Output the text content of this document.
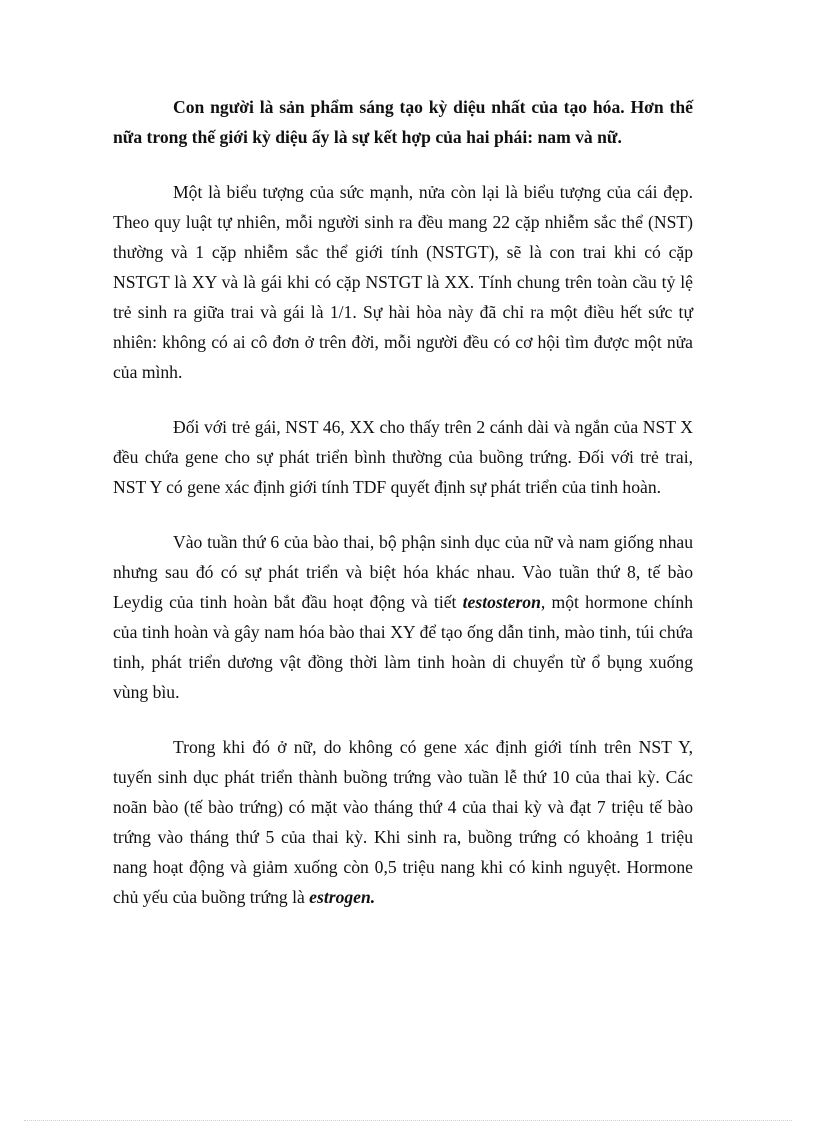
Con người là sản phẩm sáng tạo kỳ diệu nhất của tạo hóa. Hơn thế nữa trong thế giới kỳ diệu ấy là sự kết hợp của hai phái: nam và nữ.

Một là biểu tượng của sức mạnh, nửa còn lại là biểu tượng của cái đẹp. Theo quy luật tự nhiên, mỗi người sinh ra đều mang 22 cặp nhiễm sắc thể (NST) thường và 1 cặp nhiễm sắc thể giới tính (NSTGT), sẽ là con trai khi có cặp NSTGT là XY và là gái khi có cặp NSTGT là XX. Tính chung trên toàn cầu tỷ lệ trẻ sinh ra giữa trai và gái là 1/1. Sự hài hòa này đã chỉ ra một điều hết sức tự nhiên: không có ai cô đơn ở trên đời, mỗi người đều có cơ hội tìm được một nửa của mình.

Đối với trẻ gái, NST 46, XX cho thấy trên 2 cánh dài và ngắn của NST X đều chứa gene cho sự phát triển bình thường của buồng trứng. Đối với trẻ trai, NST Y có gene xác định giới tính TDF quyết định sự phát triển của tinh hoàn.

Vào tuần thứ 6 của bào thai, bộ phận sinh dục của nữ và nam giống nhau nhưng sau đó có sự phát triển và biệt hóa khác nhau. Vào tuần thứ 8, tế bào Leydig của tinh hoàn bắt đầu hoạt động và tiết testosteron, một hormone chính của tinh hoàn và gây nam hóa bào thai XY để tạo ống dẫn tinh, mào tinh, túi chứa tinh, phát triển dương vật đồng thời làm tinh hoàn di chuyển từ ổ bụng xuống vùng bìu.

Trong khi đó ở nữ, do không có gene xác định giới tính trên NST Y, tuyến sinh dục phát triển thành buồng trứng vào tuần lễ thứ 10 của thai kỳ. Các noãn bào (tế bào trứng) có mặt vào tháng thứ 4 của thai kỳ và đạt 7 triệu tế bào trứng vào tháng thứ 5 của thai kỳ. Khi sinh ra, buồng trứng có khoảng 1 triệu nang hoạt động và giảm xuống còn 0,5 triệu nang khi có kinh nguyệt. Hormone chủ yếu của buồng trứng là estrogen.
